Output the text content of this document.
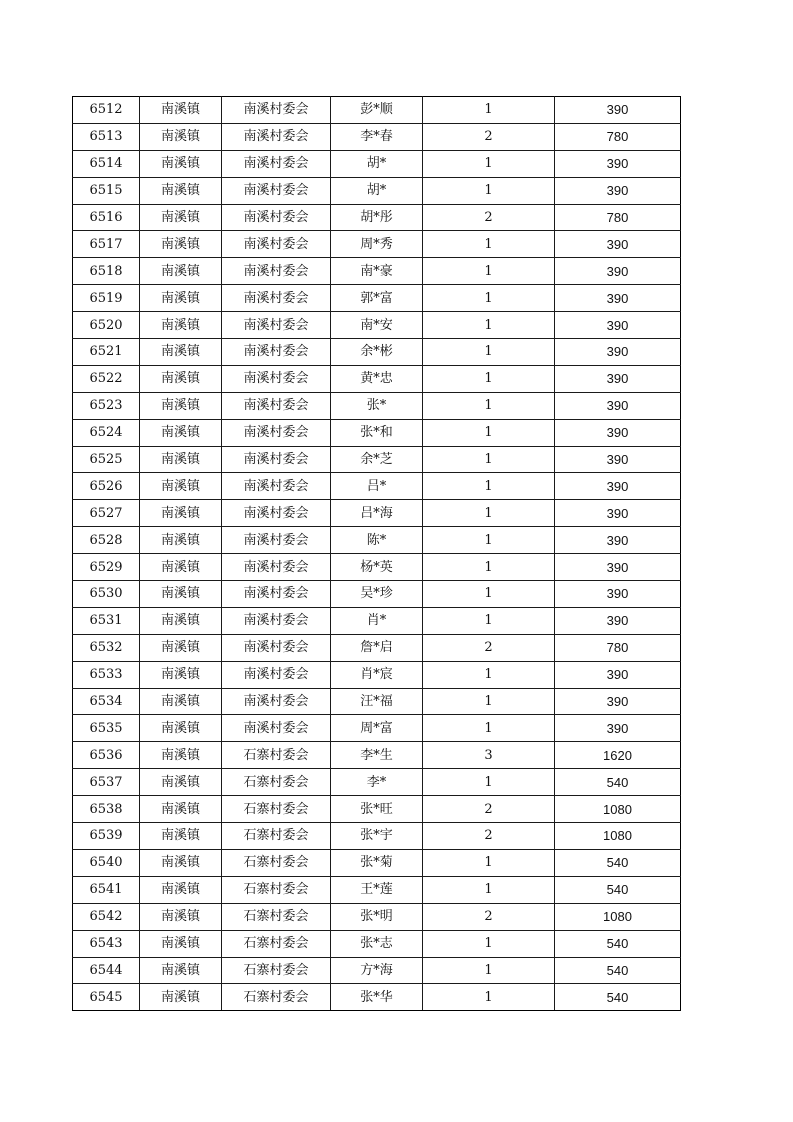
6512	南溪镇	南溪村委会	彭*顺	1	390
6513	南溪镇	南溪村委会	李*春	2	780
6514	南溪镇	南溪村委会	胡*	1	390
6515	南溪镇	南溪村委会	胡*	1	390
6516	南溪镇	南溪村委会	胡*彤	2	780
6517	南溪镇	南溪村委会	周*秀	1	390
6518	南溪镇	南溪村委会	南*豪	1	390
6519	南溪镇	南溪村委会	郭*富	1	390
6520	南溪镇	南溪村委会	南*安	1	390
6521	南溪镇	南溪村委会	余*彬	1	390
6522	南溪镇	南溪村委会	黄*忠	1	390
6523	南溪镇	南溪村委会	张*	1	390
6524	南溪镇	南溪村委会	张*和	1	390
6525	南溪镇	南溪村委会	余*芝	1	390
6526	南溪镇	南溪村委会	吕*	1	390
6527	南溪镇	南溪村委会	吕*海	1	390
6528	南溪镇	南溪村委会	陈*	1	390
6529	南溪镇	南溪村委会	杨*英	1	390
6530	南溪镇	南溪村委会	吴*珍	1	390
6531	南溪镇	南溪村委会	肖*	1	390
6532	南溪镇	南溪村委会	詹*启	2	780
6533	南溪镇	南溪村委会	肖*宸	1	390
6534	南溪镇	南溪村委会	汪*福	1	390
6535	南溪镇	南溪村委会	周*富	1	390
6536	南溪镇	石寨村委会	李*生	3	1620
6537	南溪镇	石寨村委会	李*	1	540
6538	南溪镇	石寨村委会	张*旺	2	1080
6539	南溪镇	石寨村委会	张*宇	2	1080
6540	南溪镇	石寨村委会	张*菊	1	540
6541	南溪镇	石寨村委会	王*莲	1	540
6542	南溪镇	石寨村委会	张*明	2	1080
6543	南溪镇	石寨村委会	张*志	1	540
6544	南溪镇	石寨村委会	方*海	1	540
6545	南溪镇	石寨村委会	张*华	1	540
